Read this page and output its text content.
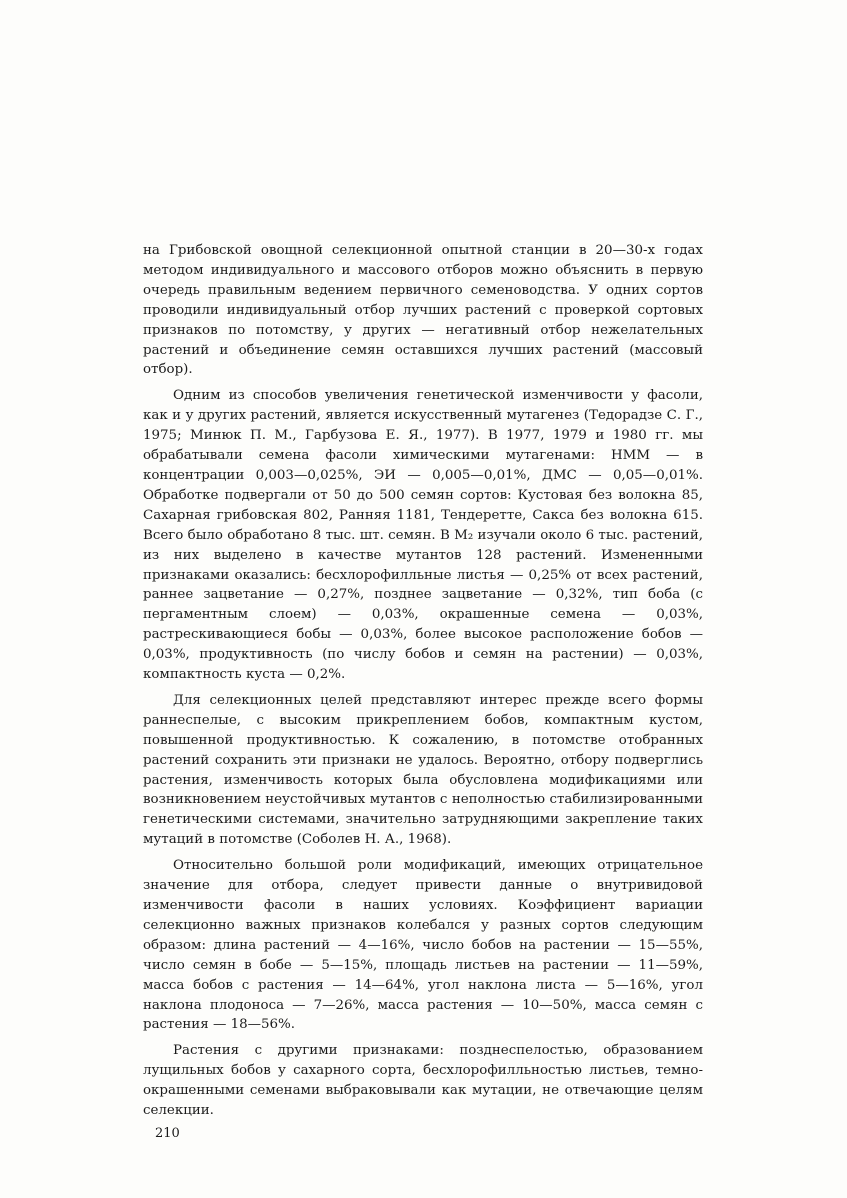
на Грибовской овощной селекционной опытной станции в 20—30-х годах методом индивидуального и массового отборов можно объяснить в первую очередь правильным ведением первичного семеноводства. У одних сортов проводили индивидуальный отбор лучших растений с проверкой сортовых признаков по потомству, у других — негативный отбор нежелательных растений и объединение семян оставшихся лучших растений (массовый отбор).

Одним из способов увеличения генетической изменчивости у фасоли, как и у других растений, является искусственный мутагенез (Тедорадзе С. Г., 1975; Минюк П. М., Гарбузова Е. Я., 1977). В 1977, 1979 и 1980 гг. мы обрабатывали семена фасоли химическими мутагенами: НММ — в концентрации 0,003—0,025%, ЭИ — 0,005—0,01%, ДМС — 0,05—0,01%. Обработке подвергали от 50 до 500 семян сортов: Кустовая без волокна 85, Сахарная грибовская 802, Ранняя 1181, Тендеретте, Сакса без волокна 615. Всего было обработано 8 тыс. шт. семян. В M₂ изучали около 6 тыс. растений, из них выделено в качестве мутантов 128 растений. Измененными признаками оказались: бесхлорофилльные листья — 0,25% от всех растений, раннее зацветание — 0,27%, позднее зацветание — 0,32%, тип боба (с пергаментным слоем) — 0,03%, окрашенные семена — 0,03%, растрескивающиеся бобы — 0,03%, более высокое расположение бобов — 0,03%, продуктивность (по числу бобов и семян на растении) — 0,03%, компактность куста — 0,2%.

Для селекционных целей представляют интерес прежде всего формы раннеспелые, с высоким прикреплением бобов, компактным кустом, повышенной продуктивностью. К сожалению, в потомстве отобранных растений сохранить эти признаки не удалось. Вероятно, отбору подверглись растения, изменчивость которых была обусловлена модификациями или возникновением неустойчивых мутантов с неполностью стабилизированными генетическими системами, значительно затрудняющими закрепление таких мутаций в потомстве (Соболев Н. А., 1968).

Относительно большой роли модификаций, имеющих отрицательное значение для отбора, следует привести данные о внутривидовой изменчивости фасоли в наших условиях. Коэффициент вариации селекционно важных признаков колебался у разных сортов следующим образом: длина растений — 4—16%, число бобов на растении — 15—55%, число семян в бобе — 5—15%, площадь листьев на растении — 11—59%, масса бобов с растения — 14—64%, угол наклона листа — 5—16%, угол наклона плодоноса — 7—26%, масса растения — 10—50%, масса семян с растения — 18—56%.

Растения с другими признаками: позднеспелостью, образованием лущильных бобов у сахарного сорта, бесхлорофилльностью листьев, темно-окрашенными семенами выбраковывали как мутации, не отвечающие целям селекции.

210
